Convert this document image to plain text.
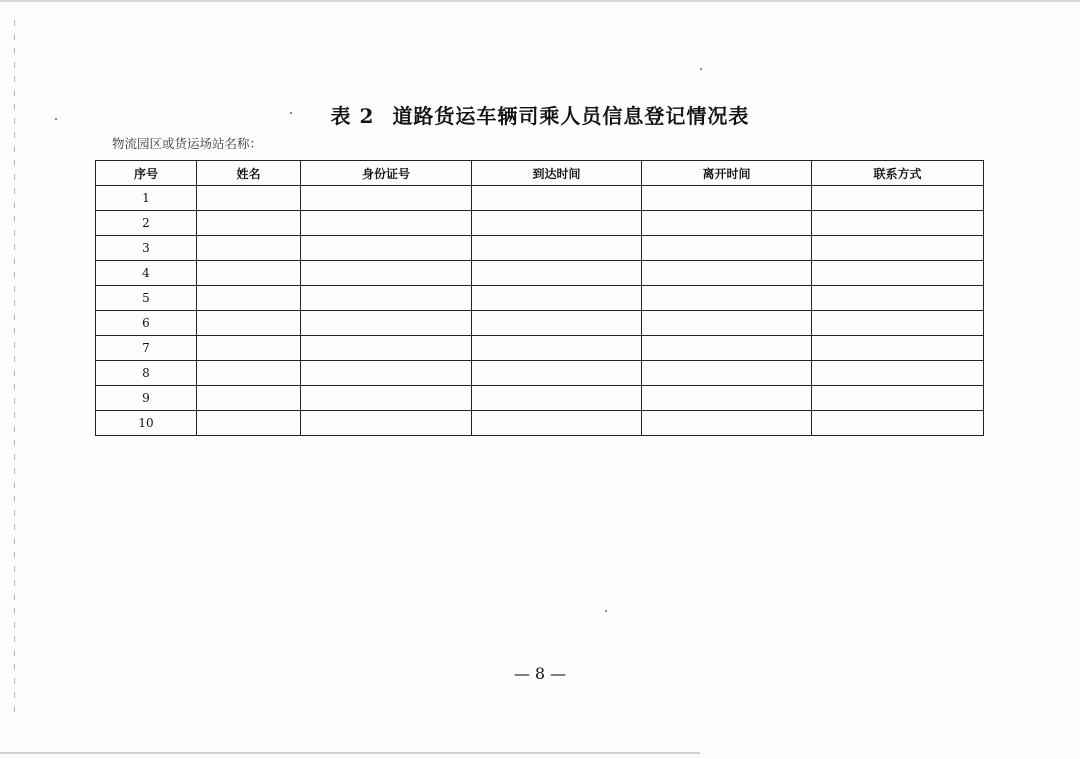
表 2 道路货运车辆司乘人员信息登记情况表
物流园区或货运场站名称：
序号	姓名	身份证号	到达时间	离开时间	联系方式
1					
2					
3					
4					
5					
6					
7					
8					
9					
10					
— 8 —
